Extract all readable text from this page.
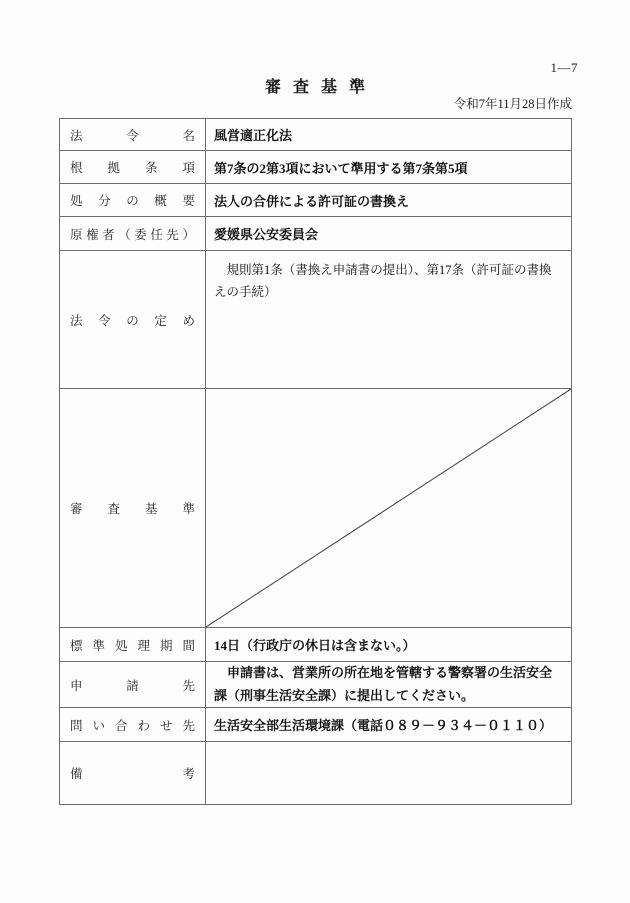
1—7
審査基準
令和7年11月28日作成
法令名 風営適正化法
根拠条項 第7条の2第3項において準用する第7条第5項
処分の概要 法人の合併による許可証の書換え
原権者（委任先） 愛媛県公安委員会
法令の定め
規則第1条（書換え申請書の提出）、第17条（許可証の書換えの手続）
審査基準
標準処理期間 14日（行政庁の休日は含まない。）
申請先
申請書は、営業所の所在地を管轄する警察署の生活安全課（刑事生活安全課）に提出してください。
問い合わせ先 生活安全部生活環境課（電話０８９－９３４－０１１０）
備考
